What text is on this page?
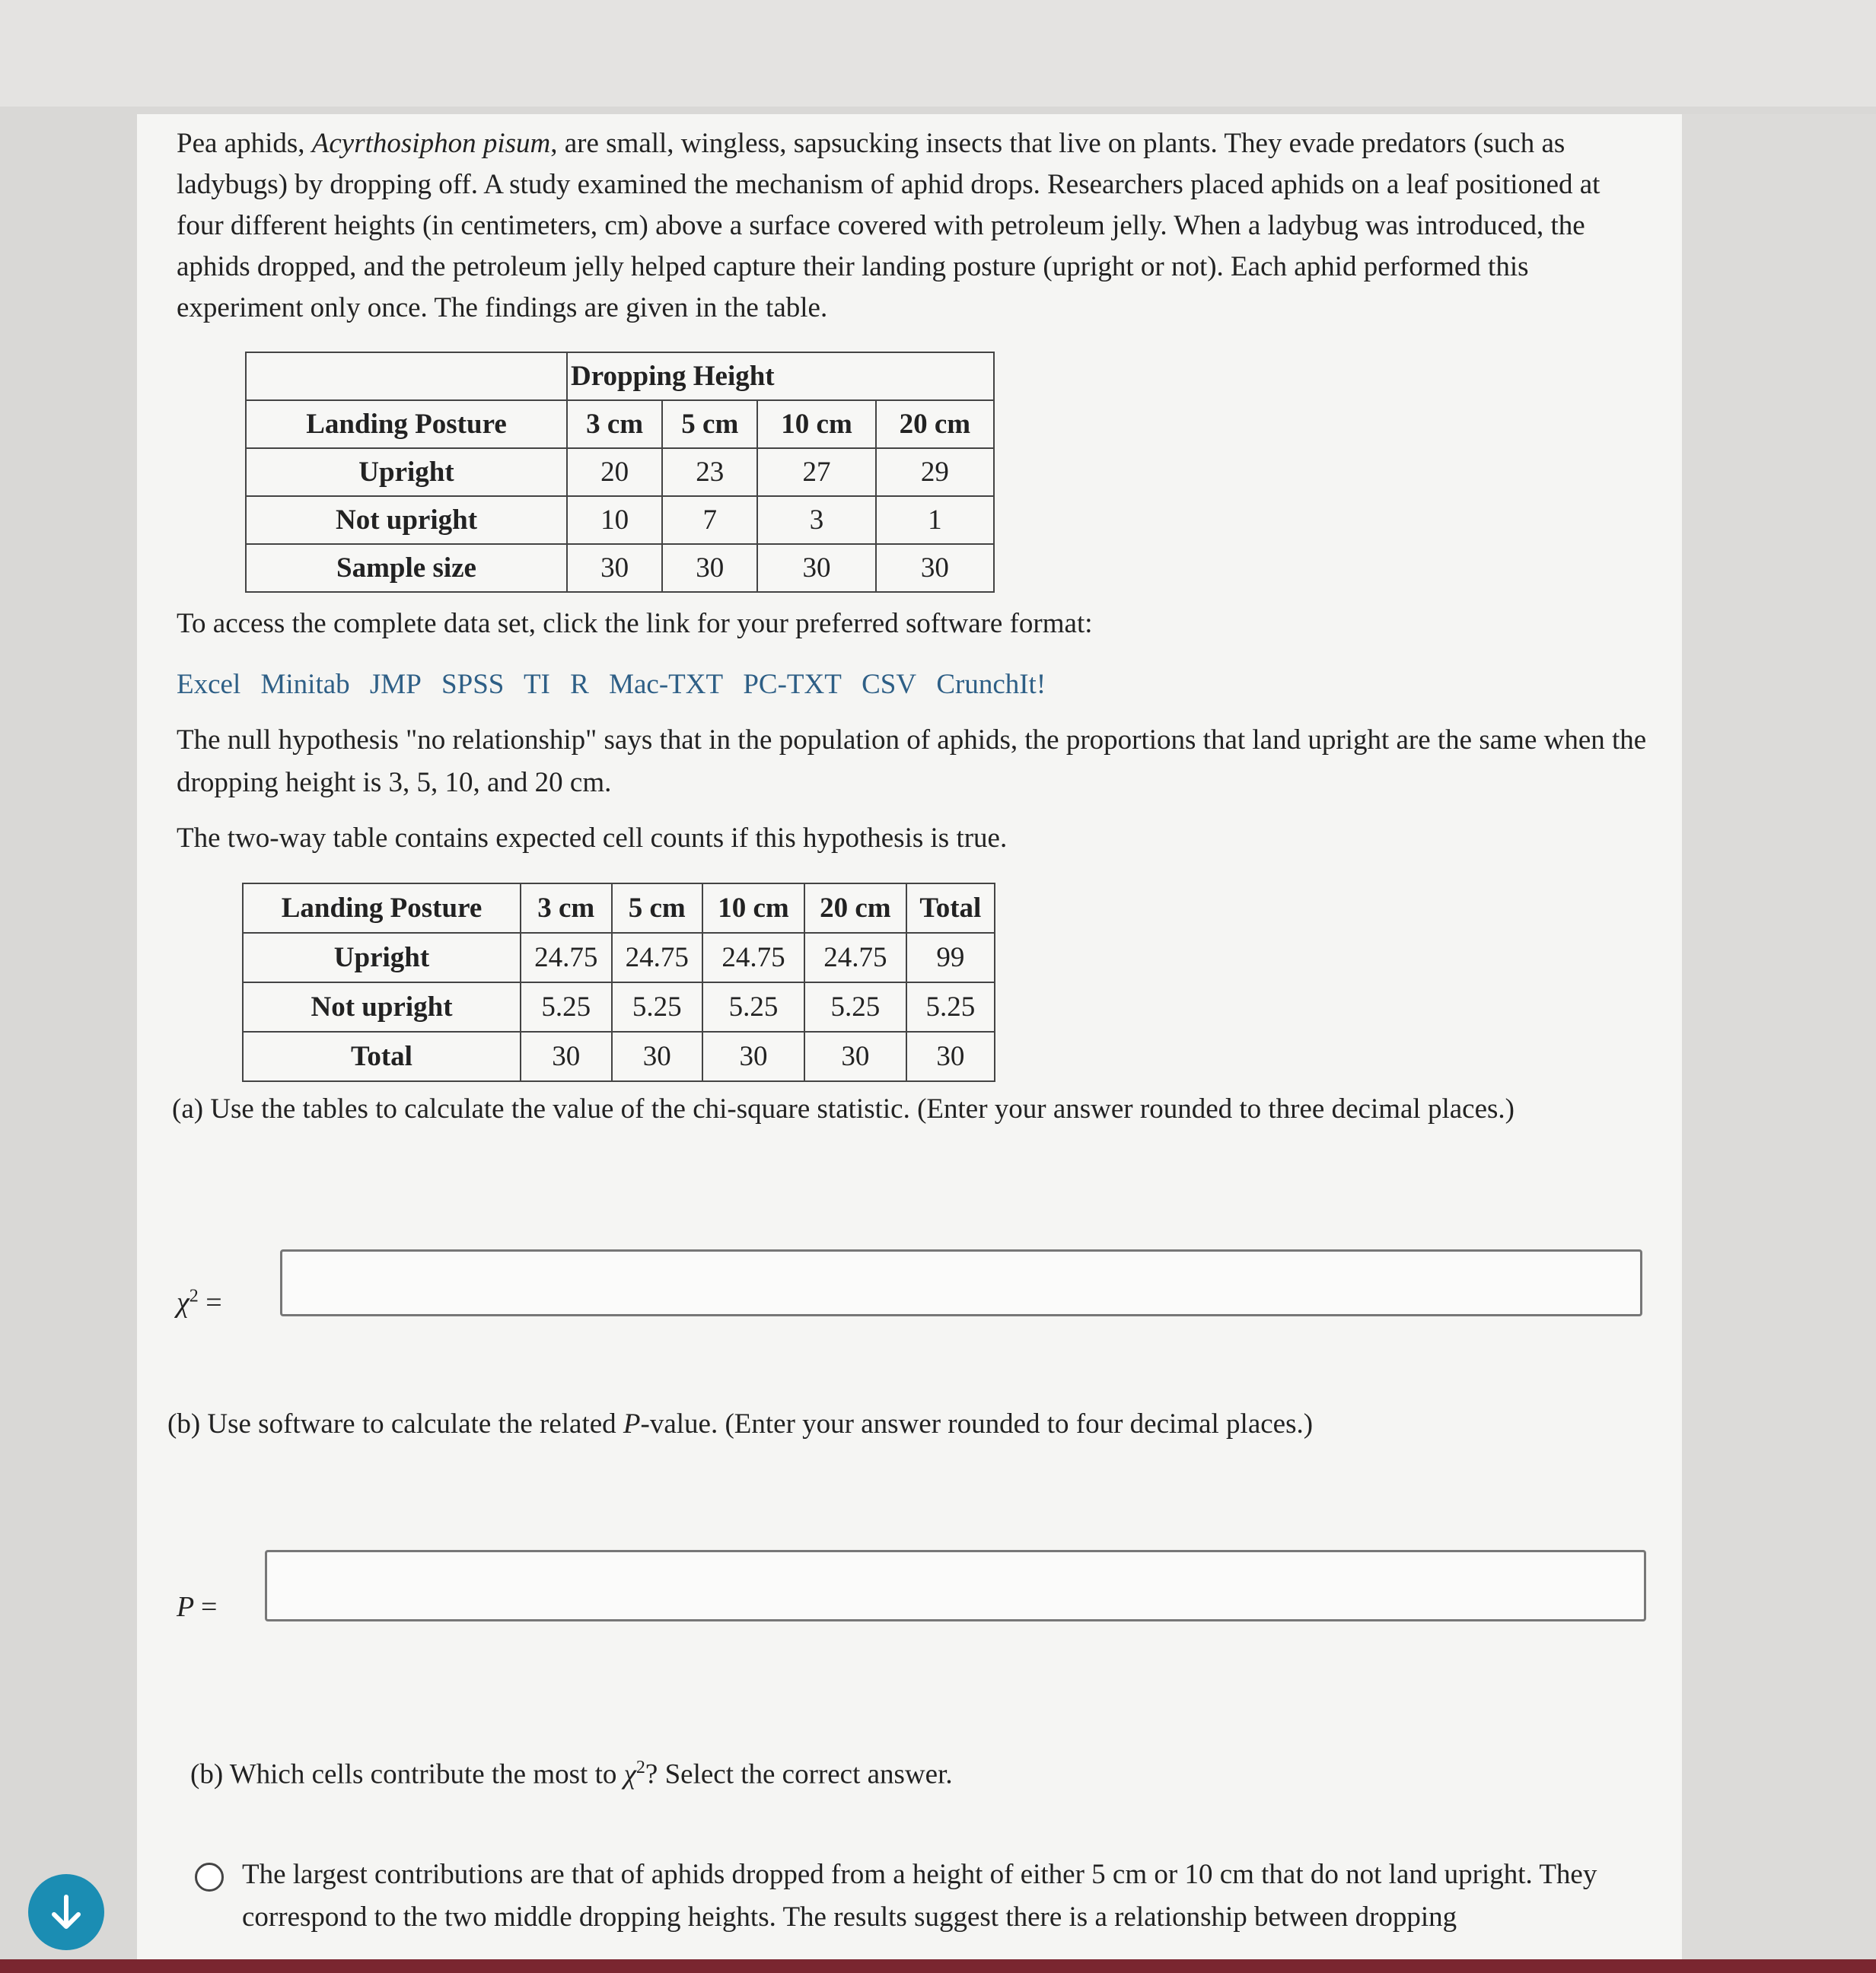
Pea aphids, Acyrthosiphon pisum, are small, wingless, sapsucking insects that live on plants. They evade predators (such as ladybugs) by dropping off. A study examined the mechanism of aphid drops. Researchers placed aphids on a leaf positioned at four different heights (in centimeters, cm) above a surface covered with petroleum jelly. When a ladybug was introduced, the aphids dropped, and the petroleum jelly helped capture their landing posture (upright or not). Each aphid performed this experiment only once. The findings are given in the table.

	Dropping Height			
Landing Posture	3 cm	5 cm	10 cm	20 cm
Upright	20	23	27	29
Not upright	10	7	3	1
Sample size	30	30	30	30

To access the complete data set, click the link for your preferred software format:

Excel Minitab JMP SPSS TI R Mac-TXT PC-TXT CSV CrunchIt!

The null hypothesis "no relationship" says that in the population of aphids, the proportions that land upright are the same when the dropping height is 3, 5, 10, and 20 cm.

The two-way table contains expected cell counts if this hypothesis is true.

Landing Posture	3 cm	5 cm	10 cm	20 cm	Total
Upright	24.75	24.75	24.75	24.75	99
Not upright	5.25	5.25	5.25	5.25	5.25
Total	30	30	30	30	30

(a) Use the tables to calculate the value of the chi-square statistic. (Enter your answer rounded to three decimal places.)

$\chi^2$ =

(b) Use software to calculate the related P-value. (Enter your answer rounded to four decimal places.)

P =

(b) Which cells contribute the most to $\chi^2$? Select the correct answer.

The largest contributions are that of aphids dropped from a height of either 5 cm or 10 cm that do not land upright. They correspond to the two middle dropping heights. The results suggest there is a relationship between dropping
